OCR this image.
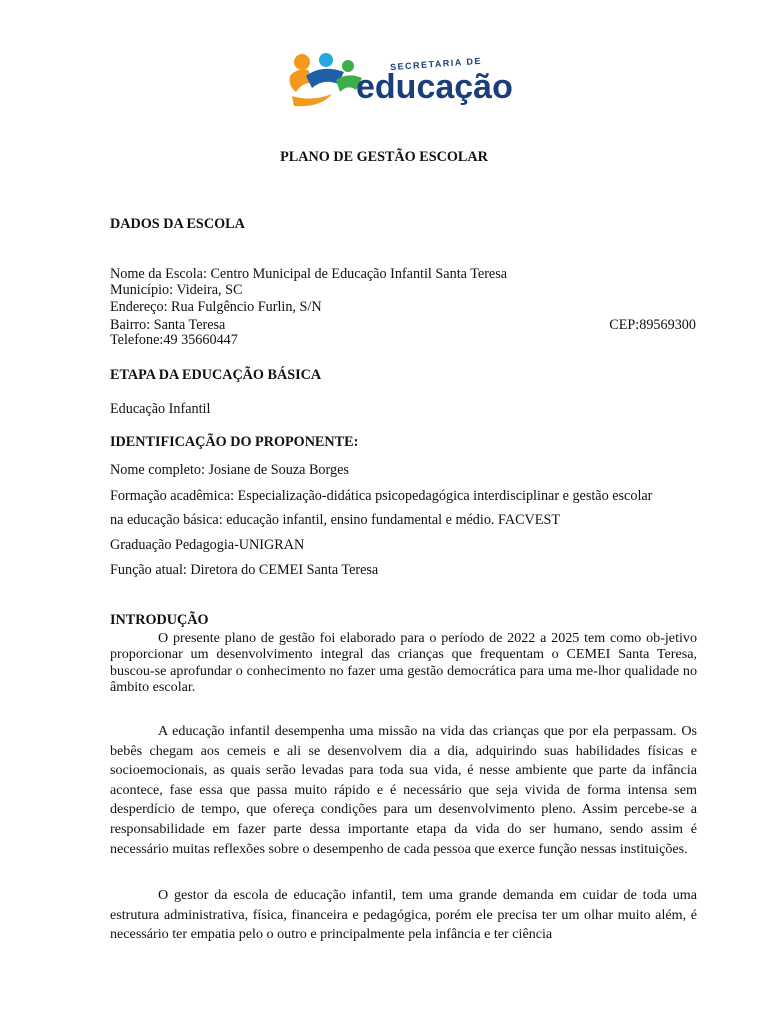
SECRETARIA DE
educação

PLANO DE GESTÃO ESCOLAR

DADOS DA ESCOLA

Nome da Escola: Centro Municipal de Educação Infantil Santa Teresa

Município: Videira, SC

Endereço: Rua Fulgêncio Furlin, S/N

Bairro: Santa Teresa	CEP:89569300

Telefone:49 35660447

ETAPA DA EDUCAÇÃO BÁSICA

Educação Infantil

IDENTIFICAÇÃO DO PROPONENTE:

Nome completo: Josiane de Souza Borges

Formação acadêmica: Especialização-didática psicopedagógica interdisciplinar e gestão escolar

na educação básica: educação infantil, ensino fundamental e médio. FACVEST

Graduação Pedagogia-UNIGRAN

Função atual: Diretora do CEMEI Santa Teresa

INTRODUÇÃO

O presente plano de gestão foi elaborado para o período de 2022 a 2025 tem como ob-jetivo proporcionar um desenvolvimento integral das crianças que frequentam o CEMEI Santa Teresa, buscou-se aprofundar o conhecimento no fazer uma gestão democrática para uma me-lhor qualidade no âmbito escolar.

A educação infantil desempenha uma missão na vida das crianças que por ela perpassam. Os bebês chegam aos cemeis e ali se desenvolvem dia a dia, adquirindo suas habilidades físicas e socioemocionais, as quais serão levadas para toda sua vida, é nesse ambiente que parte da infância acontece, fase essa que passa muito rápido e é necessário que seja vivida de forma intensa sem desperdício de tempo, que ofereça condições para um desenvolvimento pleno. Assim percebe-se a responsabilidade em fazer parte dessa importante etapa da vida do ser humano, sendo assim é necessário muitas reflexões sobre o desempenho de cada pessoa que exerce função nessas instituições.

O gestor da escola de educação infantil, tem uma grande demanda em cuidar de toda uma estrutura administrativa, física, financeira e pedagógica, porém ele precisa ter um olhar muito além, é necessário ter empatia pelo o outro e principalmente pela infância e ter ciência
